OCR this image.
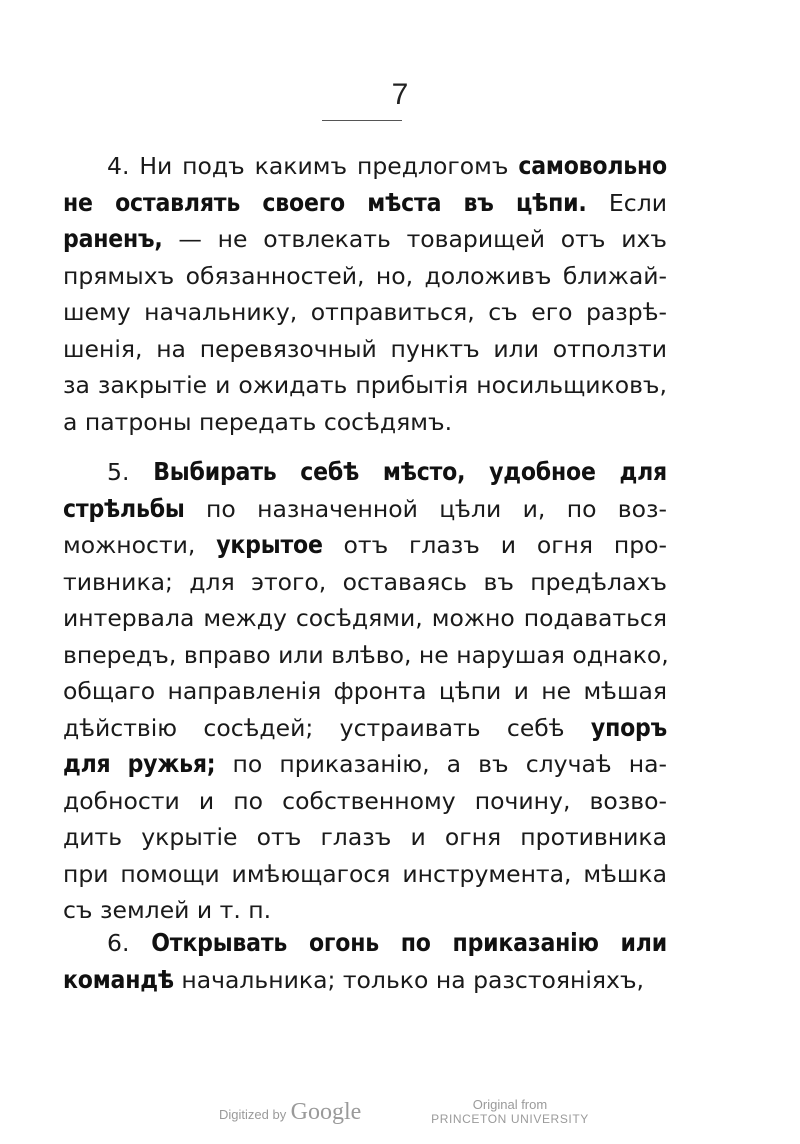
7
4. Ни подъ какимъ предлогомъ самовольно
не оставлять своего мѣста въ цѣпи. Если
раненъ, — не отвлекать товарищей отъ ихъ
прямыхъ обязанностей, но, доложивъ ближай-
шему начальнику, отправиться, съ его разрѣ-
шенія, на перевязочный пунктъ или отползти
за закрытіе и ожидать прибытія носильщиковъ,
а патроны передать сосѣдямъ.
5. Выбирать себѣ мѣсто, удобное для
стрѣльбы по назначенной цѣли и, по воз-
можности, укрытое отъ глазъ и огня про-
тивника; для этого, оставаясь въ предѣлахъ
интервала между сосѣдями, можно подаваться
впередъ, вправо или влѣво, не нарушая однако,
общаго направленія фронта цѣпи и не мѣшая
дѣйствію сосѣдей; устраивать себѣ упоръ
для ружья; по приказанію, а въ случаѣ на-
добности и по собственному почину, возво-
дить укрытіе отъ глазъ и огня противника
при помощи имѣющагося инструмента, мѣшка
съ землей и т. п.
6. Открывать огонь по приказанію или
командѣ начальника; только на разстояніяхъ,
Digitized by Google	Original from
PRINCETON UNIVERSITY
